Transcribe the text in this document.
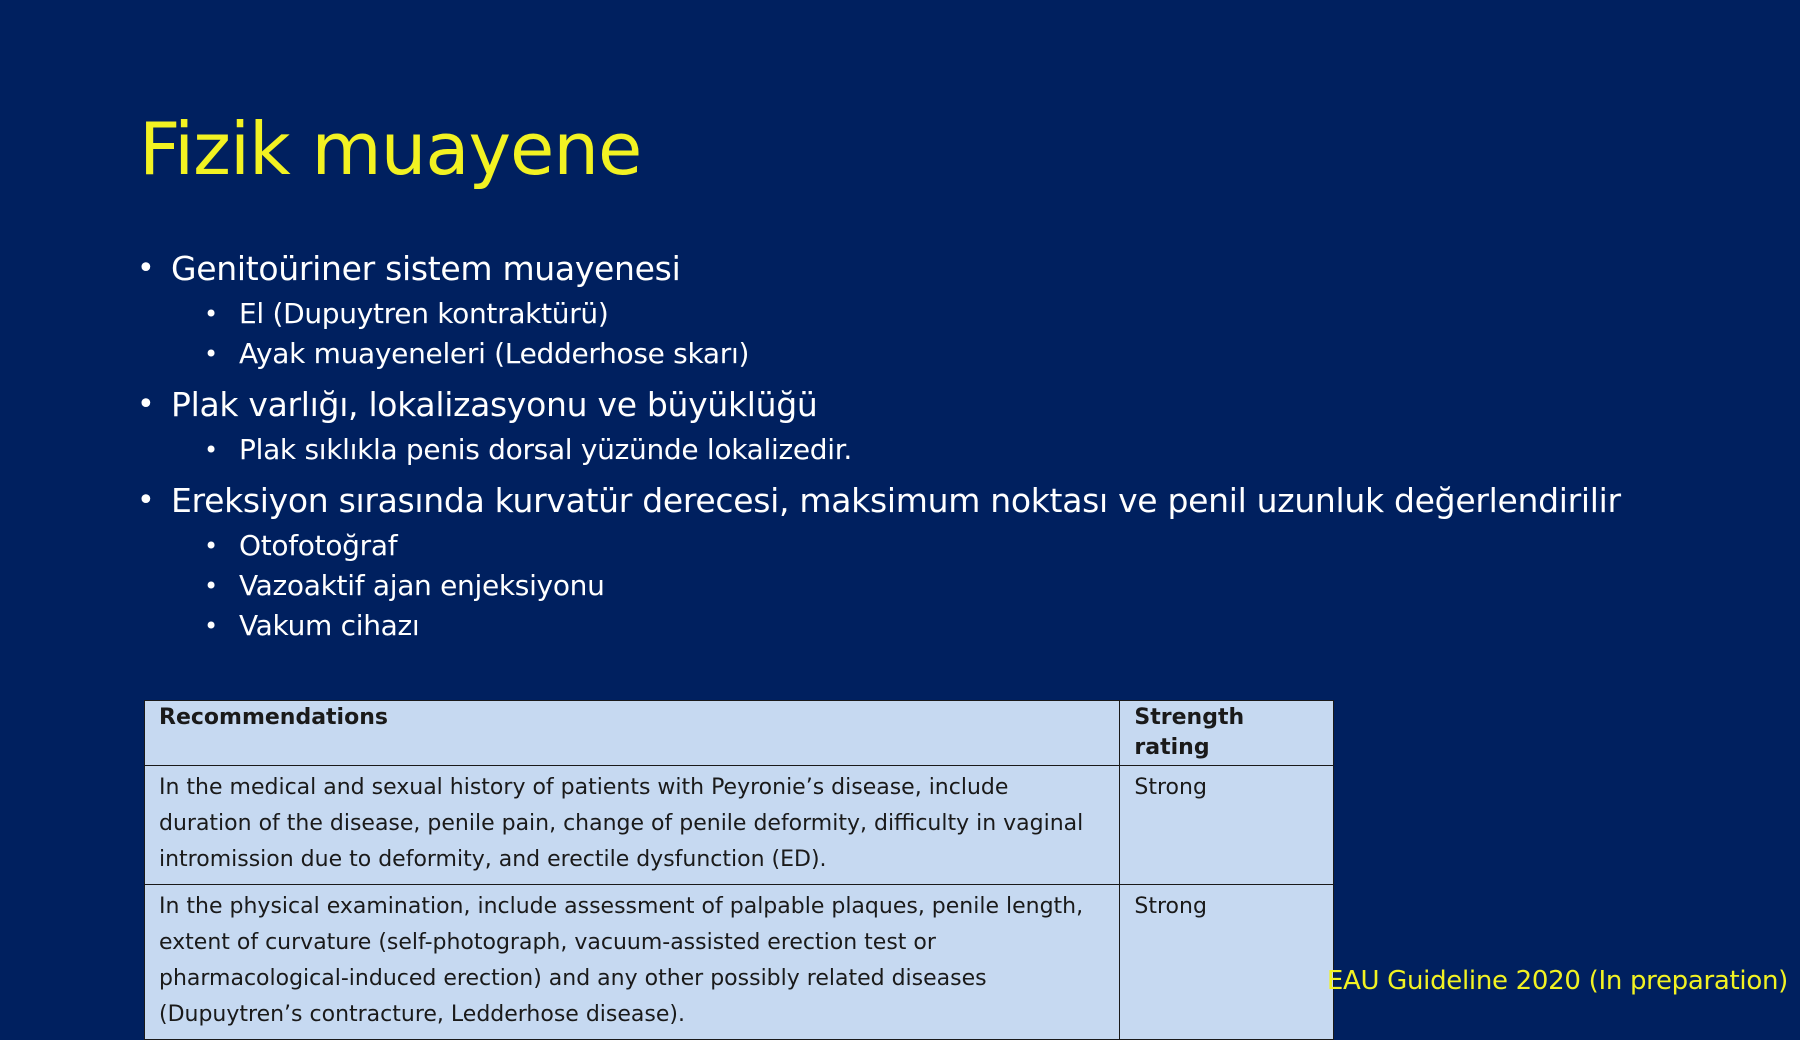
Fizik muayene
• Genitoüriner sistem muayenesi
• El (Dupuytren kontraktürü)
• Ayak muayeneleri (Ledderhose skarı)
• Plak varlığı, lokalizasyonu ve büyüklüğü
• Plak sıklıkla penis dorsal yüzünde lokalizedir.
• Ereksiyon sırasında kurvatür derecesi, maksimum noktası ve penil uzunluk değerlendirilir
• Otofotoğraf
• Vazoaktif ajan enjeksiyonu
• Vakum cihazı
Recommendations	Strength rating
In the medical and sexual history of patients with Peyronie’s disease, include duration of the disease, penile pain, change of penile deformity, difficulty in vaginal intromission due to deformity, and erectile dysfunction (ED).	Strong
In the physical examination, include assessment of palpable plaques, penile length, extent of curvature (self-photograph, vacuum-assisted erection test or pharmacological-induced erection) and any other possibly related diseases (Dupuytren’s contracture, Ledderhose disease).	Strong
EAU Guideline 2020 (In preparation)
